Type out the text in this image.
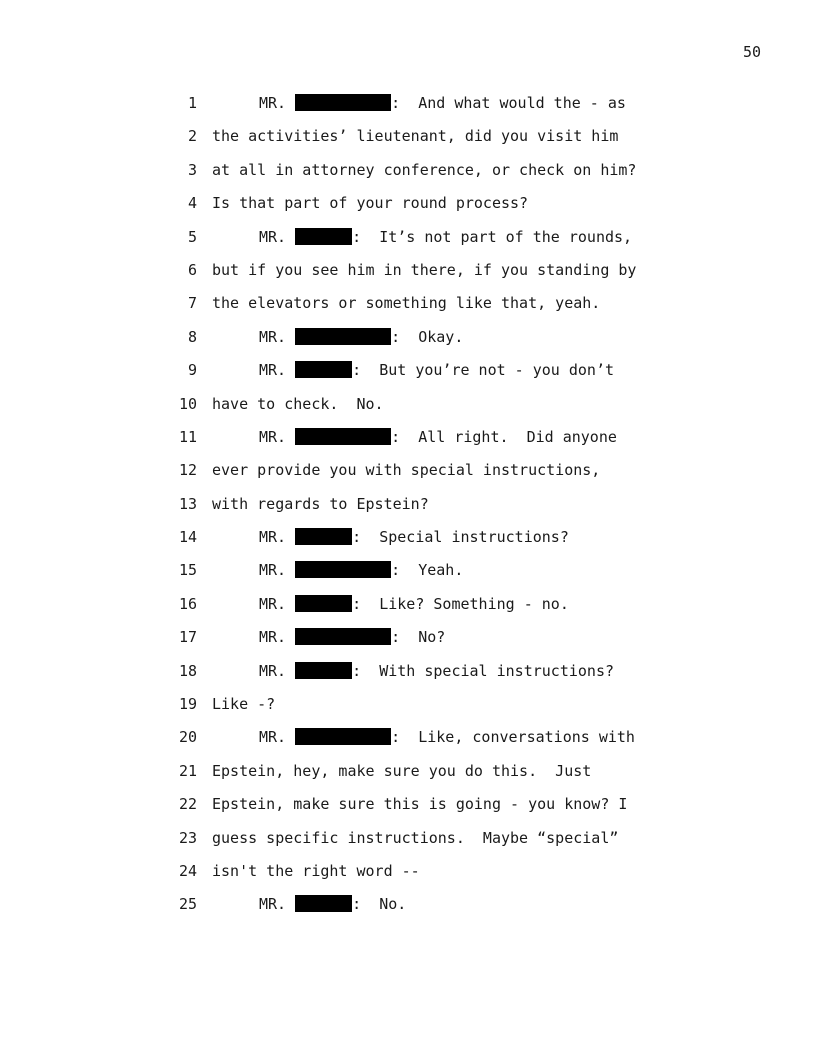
50
1	MR.	:  And what would the - as
2 the activities’ lieutenant, did you visit him
3 at all in attorney conference, or check on him?
4 Is that part of your round process?
5	MR.	:  It’s not part of the rounds,
6 but if you see him in there, if you standing by
7 the elevators or something like that, yeah.
8	MR.	:  Okay.
9	MR.	:  But you’re not - you don’t
10 have to check.  No.
11	MR.	:  All right.  Did anyone
12 ever provide you with special instructions,
13 with regards to Epstein?
14	MR.	:  Special instructions?
15	MR.	:  Yeah.
16	MR.	:  Like? Something - no.
17	MR.	:  No?
18	MR.	:  With special instructions?
19 Like -?
20	MR.	:  Like, conversations with
21 Epstein, hey, make sure you do this.  Just
22 Epstein, make sure this is going - you know? I
23 guess specific instructions.  Maybe “special”
24 isn't the right word --
25	MR.	:  No.
